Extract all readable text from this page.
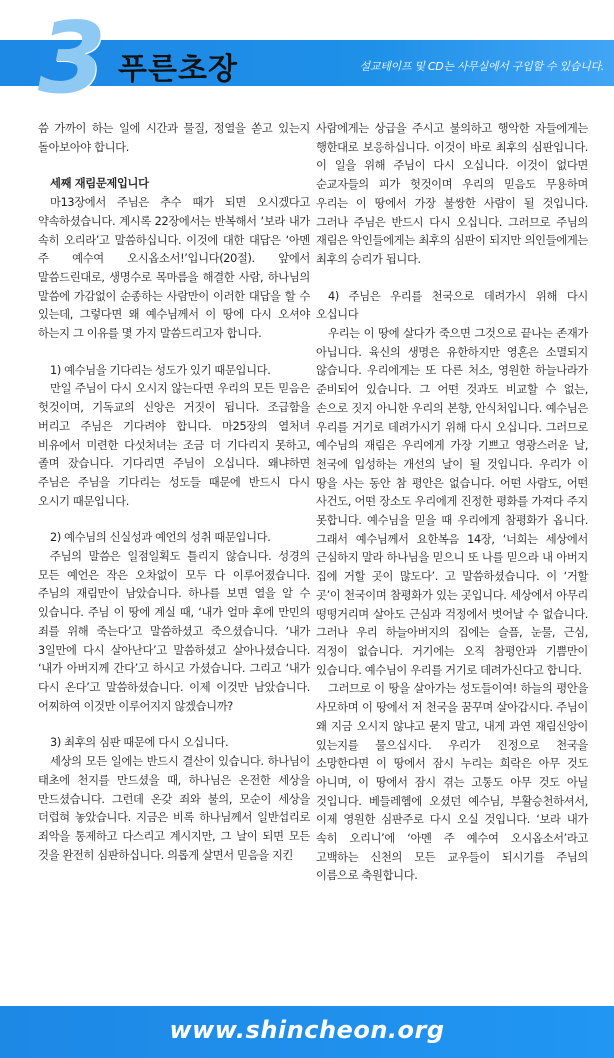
3 푸른초장	설교테이프 및 CD는 사무실에서 구입할 수 있습니다.

씀 가까이 하는 일에 시간과 물질, 정열을 쏟고 있는지 돌아보아야 합니다.

세째 재림문제입니다

마13장에서 주님은 추수 때가 되면 오시겠다고 약속하셨습니다. 계시록 22장에서는 반복해서 ‘보라 내가 속히 오리라’고 말씀하십니다. 이것에 대한 대답은 ‘아멘 주 예수여 오시옵소서!’입니다(20절). 앞에서 말씀드린대로, 생명수로 목마름을 해결한 사람, 하나님의 말씀에 가감없이 순종하는 사람만이 이러한 대답을 할 수 있는데, 그렇다면 왜 예수님께서 이 땅에 다시 오셔야 하는지 그 이유를 몇 가지 말씀드리고자 합니다.

1) 예수님을 기다리는 성도가 있기 때문입니다.

만일 주님이 다시 오시지 않는다면 우리의 모든 믿음은 헛것이며, 기독교의 신앙은 거짓이 됩니다. 조급함을 버리고 주님은 기다려야 합니다. 마25장의 열처녀 비유에서 미련한 다섯처녀는 조금 더 기다리지 못하고, 졸며 잤습니다. 기다리면 주님이 오십니다. 왜냐하면 주님은 주님을 기다리는 성도들 때문에 반드시 다시 오시기 때문입니다.

2) 예수님의 신실성과 예언의 성취 때문입니다.

주님의 말씀은 일점일획도 틀리지 않습니다. 성경의 모든 예언은 작은 오차없이 모두 다 이루어졌습니다. 주님의 재림만이 남았습니다. 하나를 보면 열을 알 수 있습니다. 주님 이 땅에 계실 때, ‘내가 얼마 후에 만민의 죄를 위해 죽는다’고 말씀하셨고 죽으셨습니다. ‘내가 3일만에 다시 살아난다’고 말씀하셨고 살아나셨습니다. ‘내가 아버지께 간다’고 하시고 가셨습니다. 그리고 ‘내가 다시 온다’고 말씀하셨습니다. 이제 이것만 남았습니다. 어찌하여 이것만 이루어지지 않겠습니까?

3) 최후의 심판 때문에 다시 오십니다.

세상의 모든 일에는 반드시 결산이 있습니다. 하나님이 태초에 천지를 만드셨을 때, 하나님은 온전한 세상을 만드셨습니다. 그런데 온갖 죄와 불의, 모순이 세상을 더럽혀 놓았습니다. 지금은 비록 하나님께서 일반섭리로 죄악을 통제하고 다스리고 계시지만, 그 날이 되면 모든 것을 완전히 심판하십니다. 의롭게 살면서 믿음을 지킨

사람에게는 상급을 주시고 불의하고 행악한 자들에게는 행한대로 보응하십니다. 이것이 바로 최후의 심판입니다. 이 일을 위해 주님이 다시 오십니다. 이것이 없다면 순교자들의 피가 헛것이며 우리의 믿음도 무용하며 우리는 이 땅에서 가장 불쌍한 사람이 될 것입니다. 그러나 주님은 반드시 다시 오십니다. 그러므로 주님의 재림은 악인들에게는 최후의 심판이 되지만 의인들에게는 최후의 승리가 됩니다.

4) 주님은 우리를 천국으로 데려가시 위해 다시 오십니다

우리는 이 땅에 살다가 죽으면 그것으로 끝나는 존재가 아닙니다. 육신의 생명은 유한하지만 영혼은 소멸되지 않습니다. 우리에게는 또 다른 처소, 영원한 하늘나라가 준비되어 있습니다. 그 어떤 것과도 비교할 수 없는, 손으로 짓지 아니한 우리의 본향, 안식처입니다. 예수님은 우리를 거기로 데려가시기 위해 다시 오십니다. 그러므로 예수님의 재림은 우리에게 가장 기쁘고 영광스러운 날, 천국에 입성하는 개선의 날이 될 것입니다. 우리가 이 땅을 사는 동안 참 평안은 없습니다. 어떤 사람도, 어떤 사건도, 어떤 장소도 우리에게 진정한 평화를 가져다 주지 못합니다. 예수님을 믿을 때 우리에게 참평화가 옵니다. 그래서 예수님께서 요한복음 14장, ‘너희는 세상에서 근심하지 말라 하나님을 믿으니 또 나를 믿으라 내 아버지 집에 거할 곳이 많도다’. 고 말씀하셨습니다. 이 ‘거할 곳’이 천국이며 참평화가 있는 곳입니다. 세상에서 아무리 떵떵거리며 살아도 근심과 걱정에서 벗어날 수 없습니다. 그러나 우리 하늘아버지의 집에는 슬픔, 눈물, 근심, 걱정이 없습니다. 거기에는 오직 참평안과 기쁨만이 있습니다. 예수님이 우리를 거기로 데려가신다고 합니다.

그러므로 이 땅을 살아가는 성도들이여! 하늘의 평안을 사모하며 이 땅에서 저 천국을 꿈꾸며 살아갑시다. 주님이 왜 지금 오시지 않냐고 묻지 말고, 내게 과연 재림신앙이 있는지를 물으십시다. 우리가 진정으로 천국을 소망한다면 이 땅에서 잠시 누리는 희락은 아무 것도 아니며, 이 땅에서 잠시 겪는 고통도 아무 것도 아닐 것입니다. 베들레헴에 오셨던 예수님, 부활승천하셔서, 이제 영원한 심판주로 다시 오실 것입니다. ‘보라 내가 속히 오리니’에 ‘아멘 주 예수여 오시옵소서’라고 고백하는 신천의 모든 교우들이 되시기를 주님의 이름으로 축원합니다.

www.shincheon.org
